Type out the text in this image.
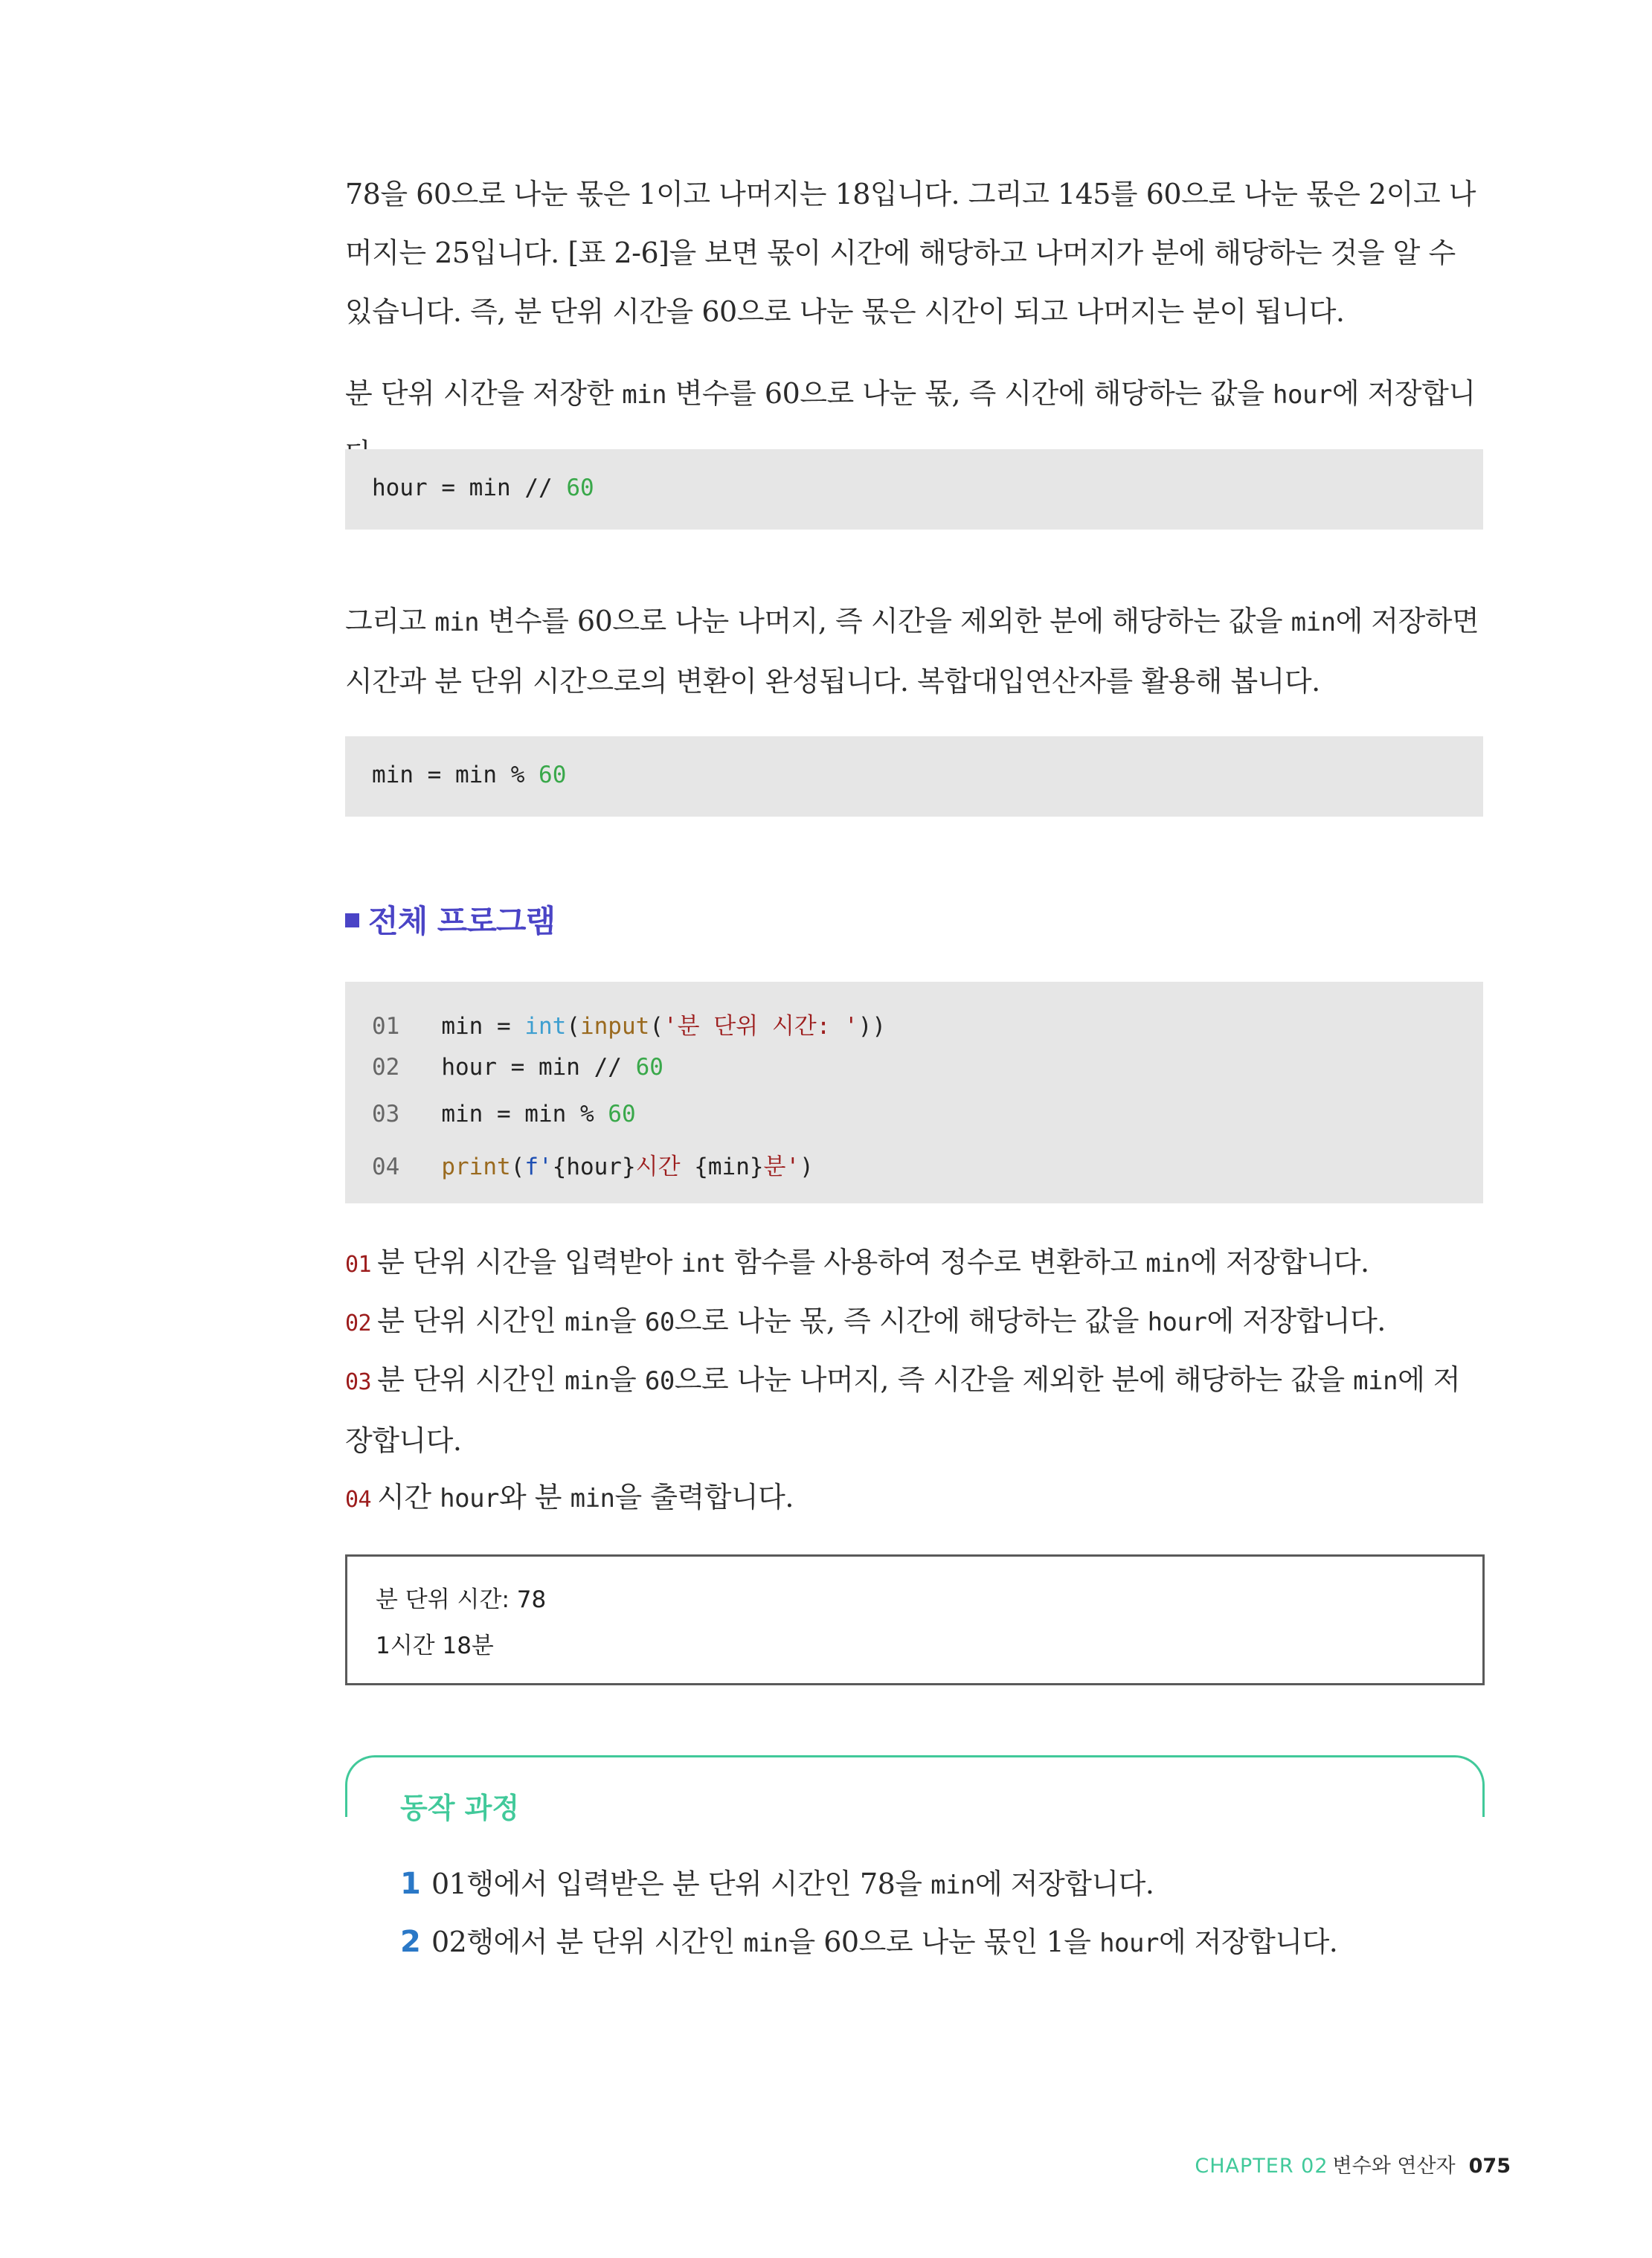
78을 60으로 나눈 몫은 1이고 나머지는 18입니다. 그리고 145를 60으로 나눈 몫은 2이고 나머지는 25입니다. [표 2-6]을 보면 몫이 시간에 해당하고 나머지가 분에 해당하는 것을 알 수 있습니다. 즉, 분 단위 시간을 60으로 나눈 몫은 시간이 되고 나머지는 분이 됩니다.

분 단위 시간을 저장한 min 변수를 60으로 나눈 몫, 즉 시간에 해당하는 값을 hour에 저장합니

hour = min // 60

그리고 min 변수를 60으로 나눈 나머지, 즉 시간을 제외한 분에 해당하는 값을 min에 저장하면 시간과 분 단위 시간으로의 변환이 완성됩니다. 복합대입연산자를 활용해 봅니다.

min = min % 60
전체 프로그램
01 min = int(input('분 단위 시간: '))
02 hour = min // 60
03 min = min % 60
04 print(f'{hour}시간 {min}분')

01 분 단위 시간을 입력받아 int 함수를 사용하여 정수로 변환하고 min에 저장합니다.

02 분 단위 시간인 min을 60으로 나눈 몫, 즉 시간에 해당하는 값을 hour에 저장합니다.

03 분 단위 시간인 min을 60으로 나눈 나머지, 즉 시간을 제외한 분에 해당하는 값을 min에 저장합니다.

04 시간 hour와 분 min을 출력합니다.

분 단위 시간: 78
1시간 18분
동작 과정
1 01행에서 입력받은 분 단위 시간인 78을 min에 저장합니다.
2 02행에서 분 단위 시간인 min을 60으로 나눈 몫인 1을 hour에 저장합니다.
CHAPTER 02 변수와 연산자 075
